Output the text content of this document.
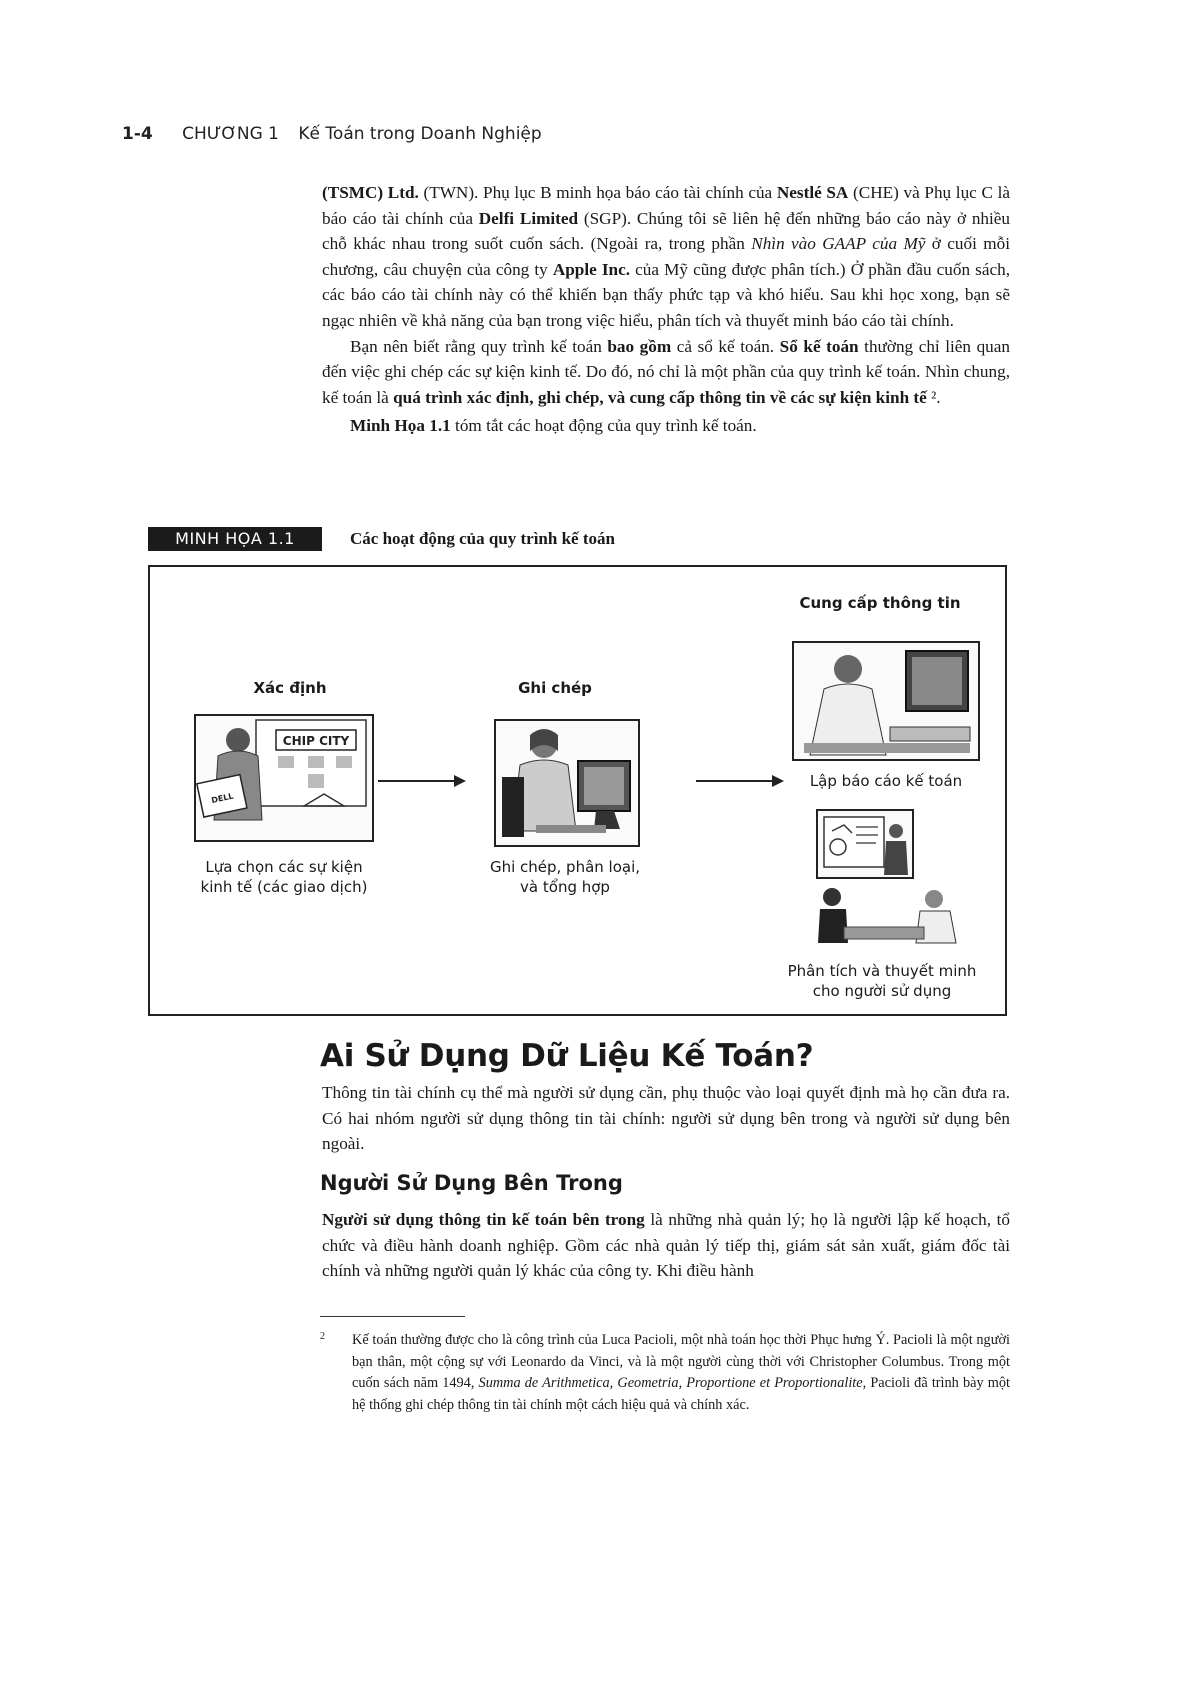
1-4 CHƯƠNG 1 Kế Toán trong Doanh Nghiệp

(TSMC) Ltd. (TWN). Phụ lục B minh họa báo cáo tài chính của Nestlé SA (CHE) và Phụ lục C là báo cáo tài chính của Delfi Limited (SGP). Chúng tôi sẽ liên hệ đến những báo cáo này ở nhiều chỗ khác nhau trong suốt cuốn sách. (Ngoài ra, trong phần Nhìn vào GAAP của Mỹ ở cuối mỗi chương, câu chuyện của công ty Apple Inc. của Mỹ cũng được phân tích.) Ở phần đầu cuốn sách, các báo cáo tài chính này có thể khiến bạn thấy phức tạp và khó hiểu. Sau khi học xong, bạn sẽ ngạc nhiên về khả năng của bạn trong việc hiểu, phân tích và thuyết minh báo cáo tài chính.

Bạn nên biết rằng quy trình kế toán bao gồm cả sổ kế toán. Sổ kế toán thường chỉ liên quan đến việc ghi chép các sự kiện kinh tế. Do đó, nó chỉ là một phần của quy trình kế toán. Nhìn chung, kế toán là quá trình xác định, ghi chép, và cung cấp thông tin về các sự kiện kinh tế ².

Minh Họa 1.1 tóm tắt các hoạt động của quy trình kế toán.

MINH HỌA 1.1	Các hoạt động của quy trình kế toán
Xác định
CHIP CITY
DELL
Lựa chọn các sự kiện
kinh tế (các giao dịch)
Ghi chép
Ghi chép, phân loại,
và tổng hợp
Cung cấp thông tin
Lập báo cáo kế toán
Phân tích và thuyết minh
cho người sử dụng
Ai Sử Dụng Dữ Liệu Kế Toán?

Thông tin tài chính cụ thể mà người sử dụng cần, phụ thuộc vào loại quyết định mà họ cần đưa ra. Có hai nhóm người sử dụng thông tin tài chính: người sử dụng bên trong và người sử dụng bên ngoài.

Người Sử Dụng Bên Trong

Người sử dụng thông tin kế toán bên trong là những nhà quản lý; họ là người lập kế hoạch, tổ chức và điều hành doanh nghiệp. Gồm các nhà quản lý tiếp thị, giám sát sản xuất, giám đốc tài chính và những người quản lý khác của công ty. Khi điều hành

2 Kế toán thường được cho là công trình của Luca Pacioli, một nhà toán học thời Phục hưng Ý. Pacioli là một người bạn thân, một cộng sự với Leonardo da Vinci, và là một người cùng thời với Christopher Columbus. Trong một cuốn sách năm 1494, Summa de Arithmetica, Geometria, Proportione et Proportionalite, Pacioli đã trình bày một hệ thống ghi chép thông tin tài chính một cách hiệu quả và chính xác.
